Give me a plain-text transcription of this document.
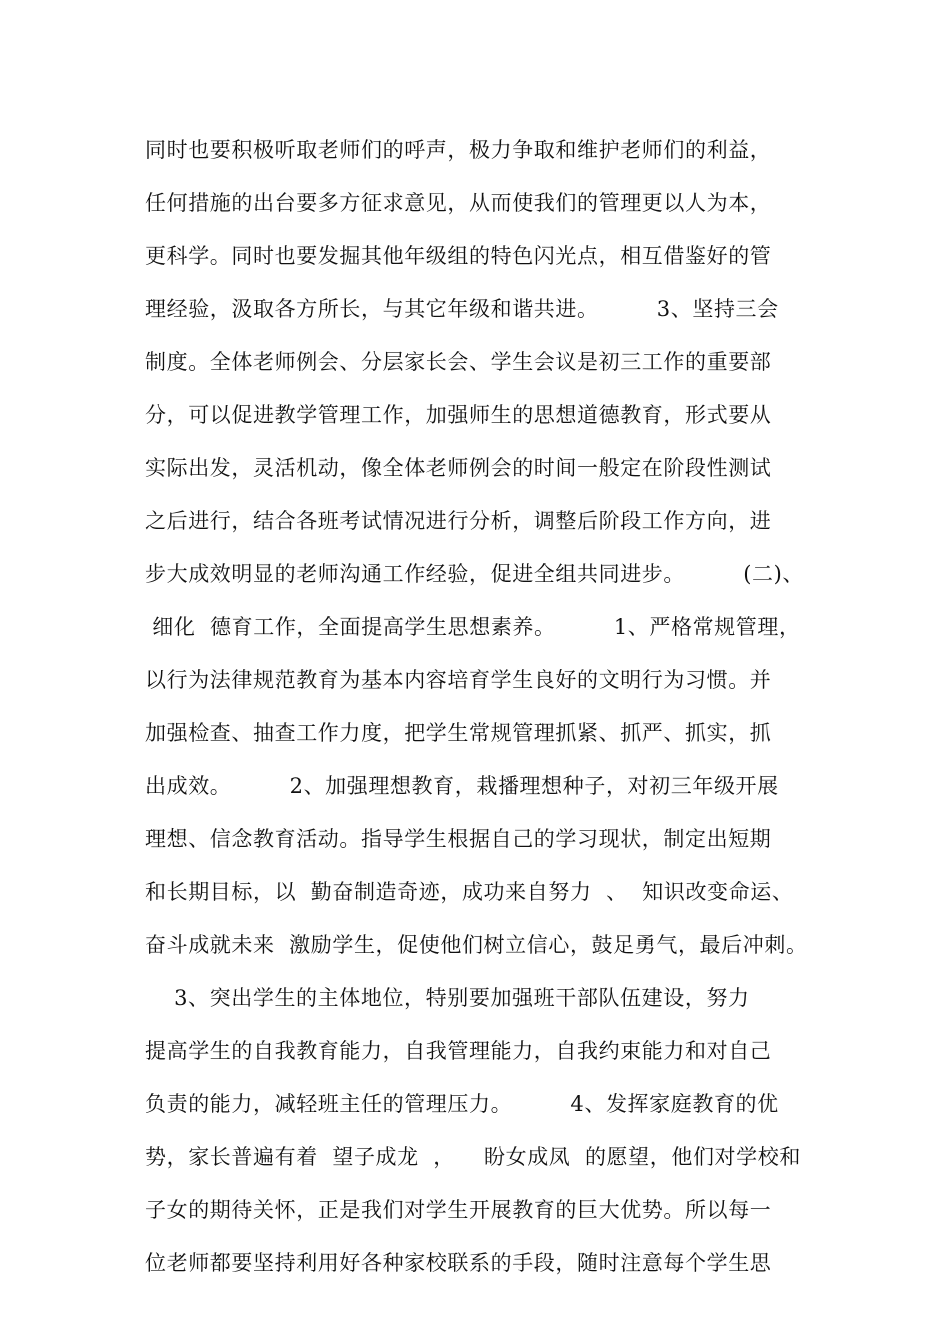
同时也要积极听取老师们的呼声，极力争取和维护老师们的利益，
任何措施的出台要多方征求意见，从而使我们的管理更以人为本，
更科学。同时也要发掘其他年级组的特色闪光点，相互借鉴好的管
理经验，汲取各方所长，与其它年级和谐共进。        3、坚持三会
制度。全体老师例会、分层家长会、学生会议是初三工作的重要部
分，可以促进教学管理工作，加强师生的思想道德教育，形式要从
实际出发，灵活机动，像全体老师例会的时间一般定在阶段性测试
之后进行，结合各班考试情况进行分析，调整后阶段工作方向，进
步大成效明显的老师沟通工作经验，促进全组共同进步。        (二)、
细化  德育工作，全面提高学生思想素养。        1、严格常规管理，
以行为法律规范教育为基本内容培育学生良好的文明行为习惯。并
加强检查、抽查工作力度，把学生常规管理抓紧、抓严、抓实，抓
出成效。        2、加强理想教育，栽播理想种子，对初三年级开展
理想、信念教育活动。指导学生根据自己的学习现状，制定出短期
和长期目标，以  勤奋制造奇迹，成功来自努力  、  知识改变命运、
奋斗成就未来  激励学生，促使他们树立信心，鼓足勇气，最后冲刺。
3、突出学生的主体地位，特别要加强班干部队伍建设，努力
提高学生的自我教育能力，自我管理能力，自我约束能力和对自己
负责的能力，减轻班主任的管理压力。        4、发挥家庭教育的优
势，家长普遍有着  望子成龙  ，    盼女成凤  的愿望，他们对学校和
子女的期待关怀，正是我们对学生开展教育的巨大优势。所以每一
位老师都要坚持利用好各种家校联系的手段，随时注意每个学生思
